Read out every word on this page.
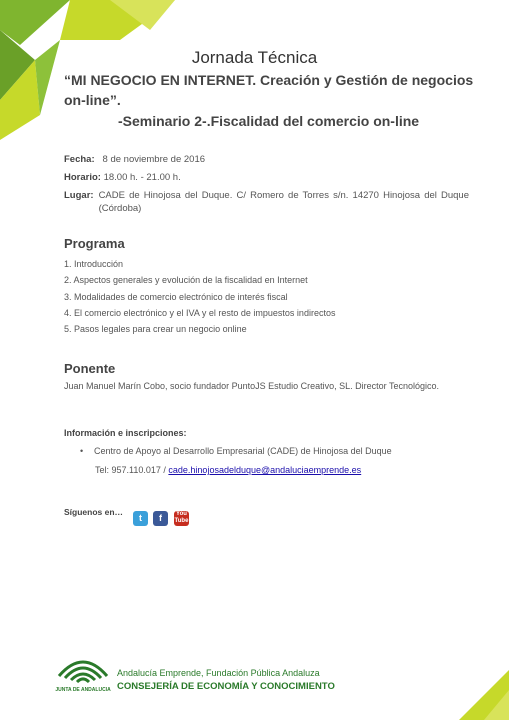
Jornada Técnica
“MI NEGOCIO EN INTERNET. Creación y Gestión de negocios on-line”.
-Seminario 2-.Fiscalidad del comercio on-line
Fecha: 8 de noviembre de 2016
Horario: 18.00 h. - 21.00 h.
Lugar: CADE de Hinojosa del Duque. C/ Romero de Torres s/n. 14270 Hinojosa del Duque (Córdoba)
Programa
1. Introducción
2. Aspectos generales y evolución de la fiscalidad en Internet
3. Modalidades de comercio electrónico de interés fiscal
4. El comercio electrónico y el IVA y el resto de impuestos indirectos
5. Pasos legales para crear un negocio online
Ponente
Juan Manuel Marín Cobo, socio fundador PuntoJS Estudio Creativo, SL. Director Tecnológico.
Información e inscripciones:
• Centro de Apoyo al Desarrollo Empresarial (CADE) de Hinojosa del Duque
Tel: 957.110.017 / cade.hinojosadelduque@andaluciaemprende.es
Síguenos en…
t	f	You
Tube
JUNTA DE ANDALUCIA
Andalucía Emprende, Fundación Pública Andaluza
CONSEJERÍA DE ECONOMÍA Y CONOCIMIENTO
